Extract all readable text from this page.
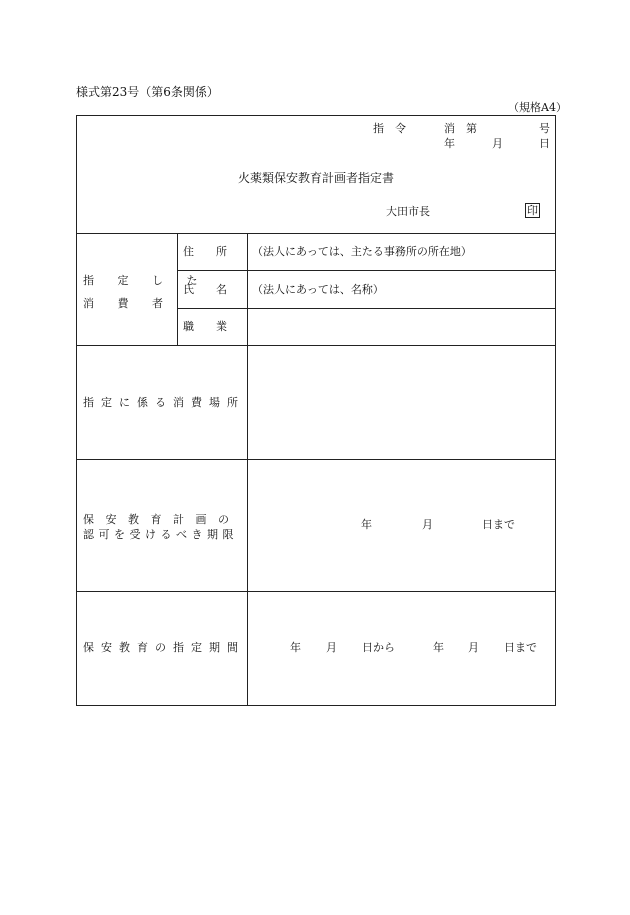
様式第23号（第6条関係）
（規格A4）
指　令	消　第	号
年	月	日
火薬類保安教育計画者指定書
大田市長	印
指 定 し た
消 費 者
住　　所 （法人にあっては、主たる事務所の所在地）
氏　　名 （法人にあっては、名称）
職　　業
指定に係る消費場所
保 安 教 育 計 画 の
認可を受けるべき期限
年	月	日まで
保安教育の指定期間	年 月 日から	年 月 日まで
